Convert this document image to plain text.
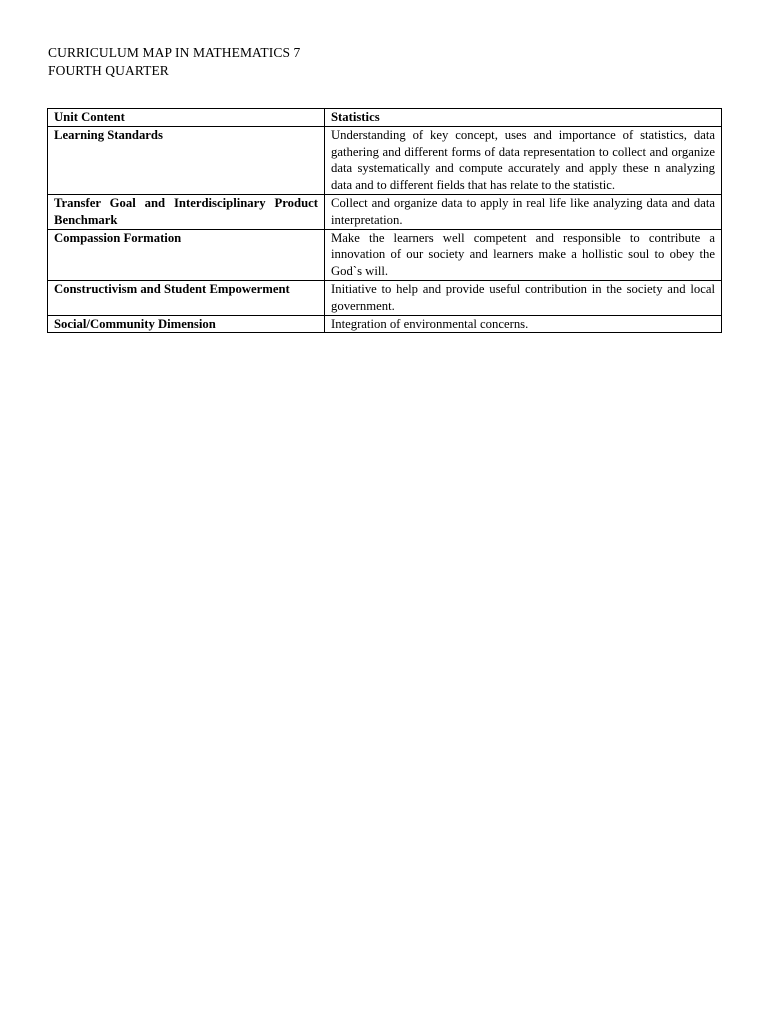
CURRICULUM MAP IN MATHEMATICS 7
FOURTH QUARTER
Unit Content	Statistics
Learning Standards	Understanding of key concept, uses and importance of statistics, data gathering and different forms of data representation to collect and organize data systematically and compute accurately and apply these n analyzing data and to different fields that has relate to the statistic.
Transfer Goal and Interdisciplinary Product Benchmark	Collect and organize data to apply in real life like analyzing data and data interpretation.
Compassion Formation	Make the learners well competent and responsible to contribute a innovation of our society and learners make a hollistic soul to obey the God`s will.
Constructivism and Student Empowerment	Initiative to help and provide useful contribution in the society and local government.
Social/Community Dimension	Integration of environmental concerns.
